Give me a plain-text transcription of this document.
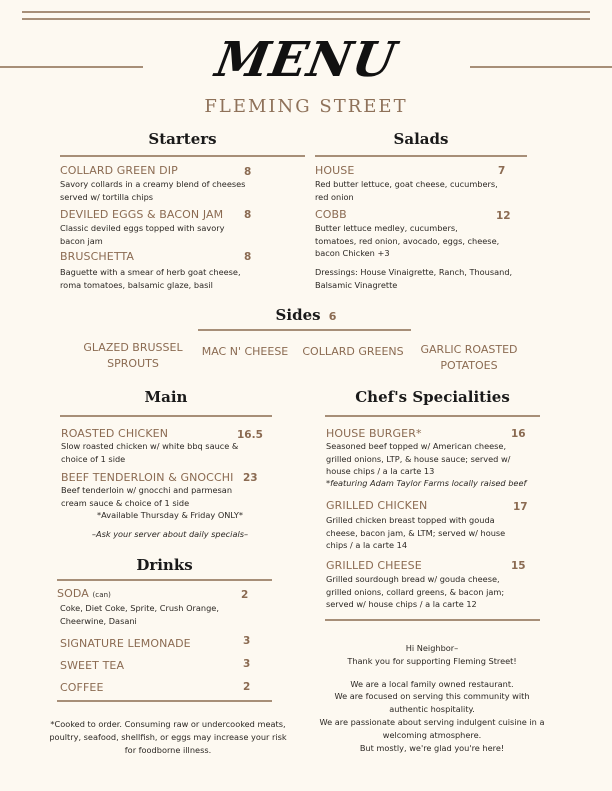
MENU
FLEMING STREET
Starters
COLLARD GREEN DIP	8
Savory collards in a creamy blend of cheeses served w/ tortilla chips
DEVILED EGGS & BACON JAM 8
Classic deviled eggs topped with savory bacon jam
BRUSCHETTA	8
Baguette with a smear of herb goat cheese, roma tomatoes, balsamic glaze, basil
Salads
HOUSE	7
Red butter lettuce, goat cheese, cucumbers, red onion
COBB	12
Butter lettuce medley, cucumbers, tomatoes, red onion, avocado, eggs, cheese, bacon Chicken +3
Dressings: House Vinaigrette, Ranch, Thousand, Balsamic Vinagrette
Sides 6
GLAZED BRUSSEL SPROUTS
MAC N' CHEESE	COLLARD GREENS	GARLIC ROASTED POTATOES
Main
ROASTED CHICKEN	16.5
Slow roasted chicken w/ white bbq sauce & choice of 1 side
BEEF TENDERLOIN & GNOCCHI 23
Beef tenderloin w/ gnocchi and parmesan cream sauce & choice of 1 side
*Available Thursday & Friday ONLY*
–Ask your server about daily specials–
Chef's Specialities
HOUSE BURGER*	16
Seasoned beef topped w/ American cheese, grilled onions, LTP, & house sauce; served w/ house chips / a la carte 13
*featuring Adam Taylor Farms locally raised beef
GRILLED CHICKEN	17
Grilled chicken breast topped with gouda cheese, bacon jam, & LTM; served w/ house chips / a la carte 14
GRILLED CHEESE	15
Grilled sourdough bread w/ gouda cheese, grilled onions, collard greens, & bacon jam; served w/ house chips / a la carte 12
Drinks
SODA (can)	2
Coke, Diet Coke, Sprite, Crush Orange, Cheerwine, Dasani
SIGNATURE LEMONADE	3
SWEET TEA	3
COFFEE	2
*Cooked to order. Consuming raw or undercooked meats, poultry, seafood, shellfish, or eggs may increase your risk for foodborne illness.
Hi Neighbor–
Thank you for supporting Fleming Street!
We are a local family owned restaurant.
We are focused on serving this community with authentic hospitality.
We are passionate about serving indulgent cuisine in a welcoming atmosphere.
But mostly, we're glad you're here!
